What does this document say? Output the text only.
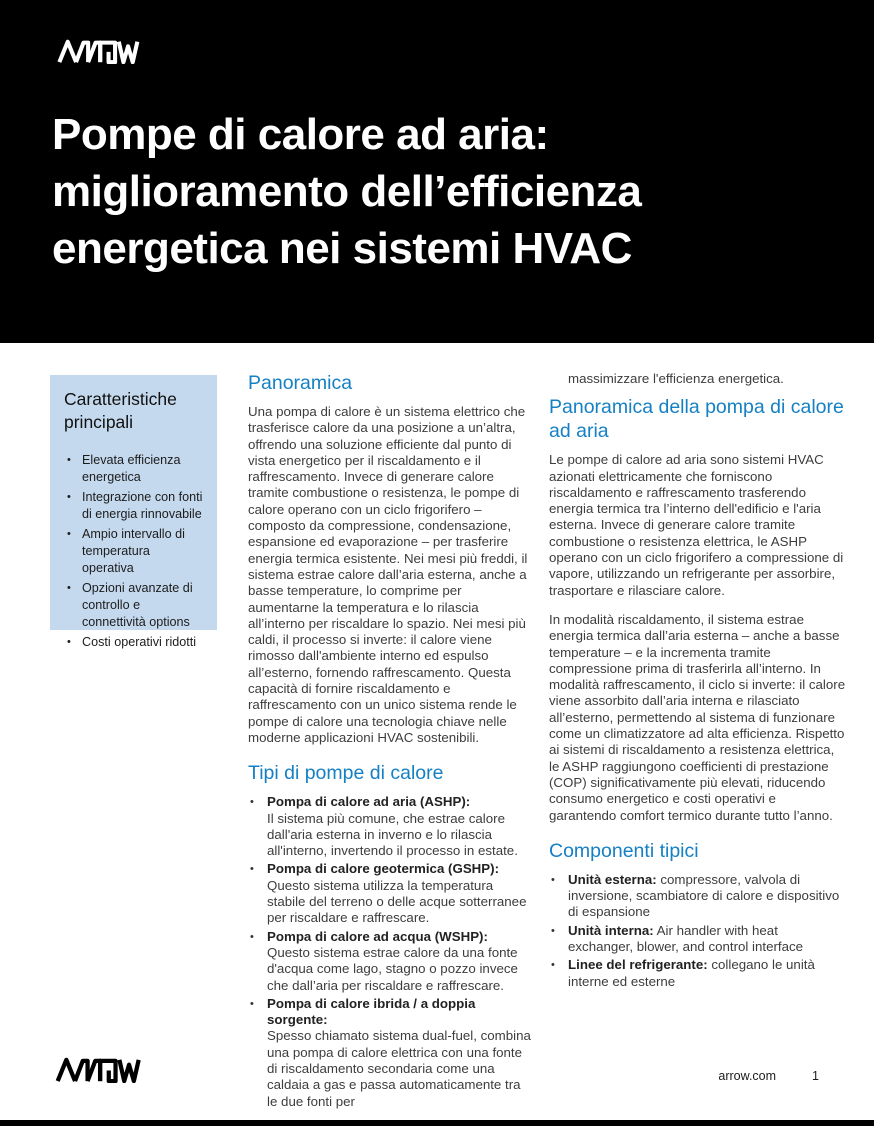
Pompe di calore ad aria:
miglioramento dell’efficienza
energetica nei sistemi HVAC
Caratteristiche principali
• Elevata efficienza energetica
• Integrazione con fonti di energia rinnovabile
• Ampio intervallo di temperatura operativa
• Opzioni avanzate di controllo e connettività options
• Costi operativi ridotti
Panoramica

Una pompa di calore è un sistema elettrico che trasferisce calore da una posizione a un’altra, offrendo una soluzione efficiente dal punto di vista energetico per il riscaldamento e il raffrescamento. Invece di generare calore tramite combustione o resistenza, le pompe di calore operano con un ciclo frigorifero – composto da compressione, condensazione, espansione ed evaporazione – per trasferire energia termica esistente. Nei mesi più freddi, il sistema estrae calore dall’aria esterna, anche a basse temperature, lo comprime per aumentarne la temperatura e lo rilascia all’interno per riscaldare lo spazio. Nei mesi più caldi, il processo si inverte: il calore viene rimosso dall'ambiente interno ed espulso all’esterno, fornendo raffrescamento. Questa capacità di fornire riscaldamento e raffrescamento con un unico sistema rende le pompe di calore una tecnologia chiave nelle moderne applicazioni HVAC sostenibili.

Tipi di pompe di calore
• Pompa di calore ad aria (ASHP):
Il sistema più comune, che estrae calore dall'aria esterna in inverno e lo rilascia all'interno, invertendo il processo in estate.
• Pompa di calore geotermica (GSHP):
Questo sistema utilizza la temperatura stabile del terreno o delle acque sotterranee per riscaldare e raffrescare.
• Pompa di calore ad acqua (WSHP):
Questo sistema estrae calore da una fonte d'acqua come lago, stagno o pozzo invece che dall’aria per riscaldare e raffrescare.
• Pompa di calore ibrida / a doppia sorgente:
Spesso chiamato sistema dual-fuel, combina una pompa di calore elettrica con una fonte di riscaldamento secondaria come una caldaia a gas e passa automaticamente tra le due fonti per

massimizzare l'efficienza energetica.

Panoramica della pompa di calore ad aria

Le pompe di calore ad aria sono sistemi HVAC azionati elettricamente che forniscono riscaldamento e raffrescamento trasferendo energia termica tra l’interno dell'edificio e l'aria esterna. Invece di generare calore tramite combustione o resistenza elettrica, le ASHP operano con un ciclo frigorifero a compressione di vapore, utilizzando un refrigerante per assorbire, trasportare e rilasciare calore.

In modalità riscaldamento, il sistema estrae energia termica dall’aria esterna – anche a basse temperature – e la incrementa tramite compressione prima di trasferirla all’interno. In modalità raffrescamento, il ciclo si inverte: il calore viene assorbito dall’aria interna e rilasciato all’esterno, permettendo al sistema di funzionare come un climatizzatore ad alta efficienza. Rispetto ai sistemi di riscaldamento a resistenza elettrica, le ASHP raggiungono coefficienti di prestazione (COP) significativamente più elevati, riducendo consumo energetico e costi operativi e garantendo comfort termico durante tutto l’anno.

Componenti tipici
• Unità esterna: compressore, valvola di inversione, scambiatore di calore e dispositivo di espansione
• Unità interna: Air handler with heat exchanger, blower, and control interface
• Linee del refrigerante: collegano le unità interne ed esterne
arrow.com	1
